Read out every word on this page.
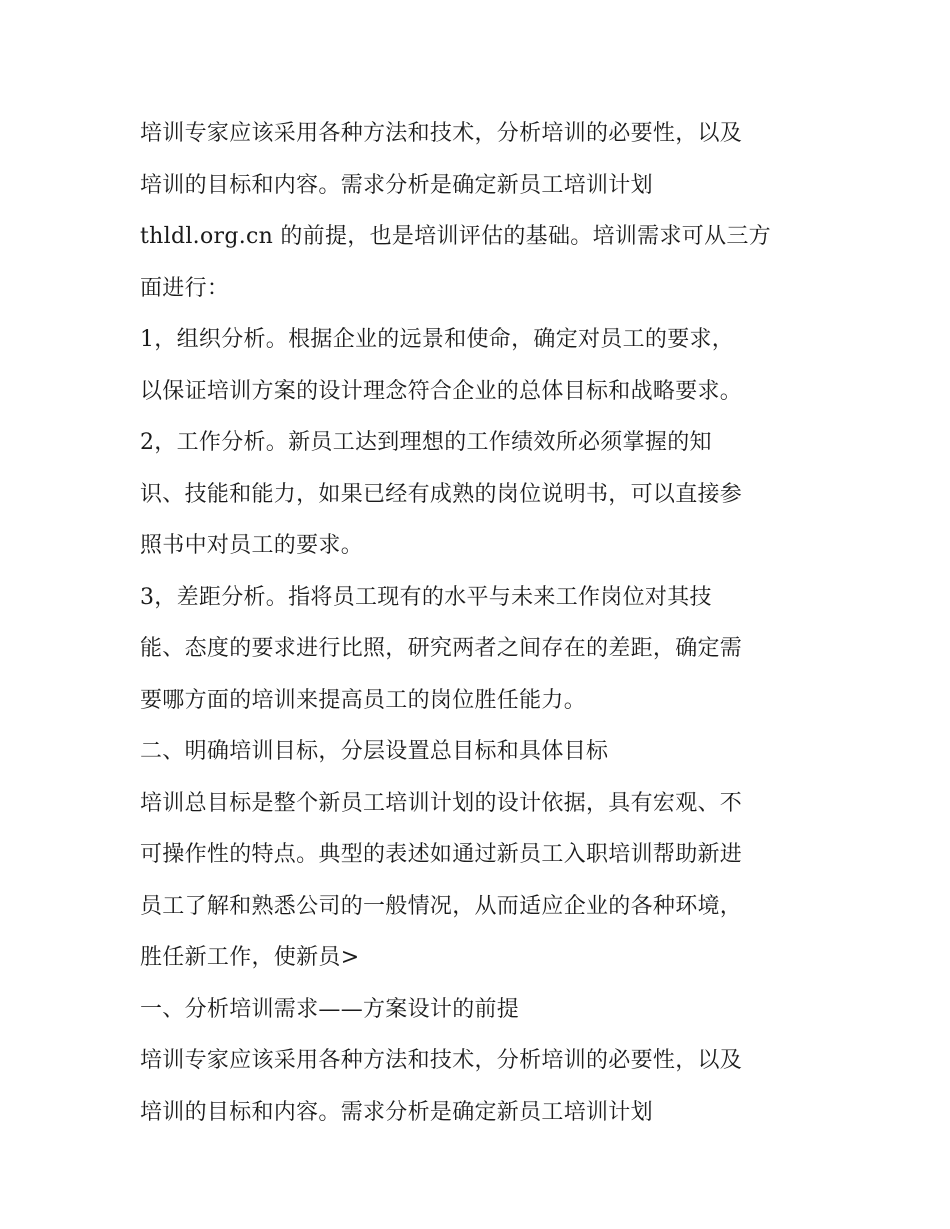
培训专家应该采用各种方法和技术，分析培训的必要性，以及
培训的目标和内容。需求分析是确定新员工培训计划
thldl.org.cn 的前提，也是培训评估的基础。培训需求可从三方
面进行：
1，组织分析。根据企业的远景和使命，确定对员工的要求，
以保证培训方案的设计理念符合企业的总体目标和战略要求。
2，工作分析。新员工达到理想的工作绩效所必须掌握的知
识、技能和能力，如果已经有成熟的岗位说明书，可以直接参
照书中对员工的要求。
3，差距分析。指将员工现有的水平与未来工作岗位对其技
能、态度的要求进行比照，研究两者之间存在的差距，确定需
要哪方面的培训来提高员工的岗位胜任能力。
二、明确培训目标，分层设置总目标和具体目标
培训总目标是整个新员工培训计划的设计依据，具有宏观、不
可操作性的特点。典型的表述如通过新员工入职培训帮助新进
员工了解和熟悉公司的一般情况，从而适应企业的各种环境，
胜任新工作，使新员>
一、分析培训需求——方案设计的前提
培训专家应该采用各种方法和技术，分析培训的必要性，以及
培训的目标和内容。需求分析是确定新员工培训计划
